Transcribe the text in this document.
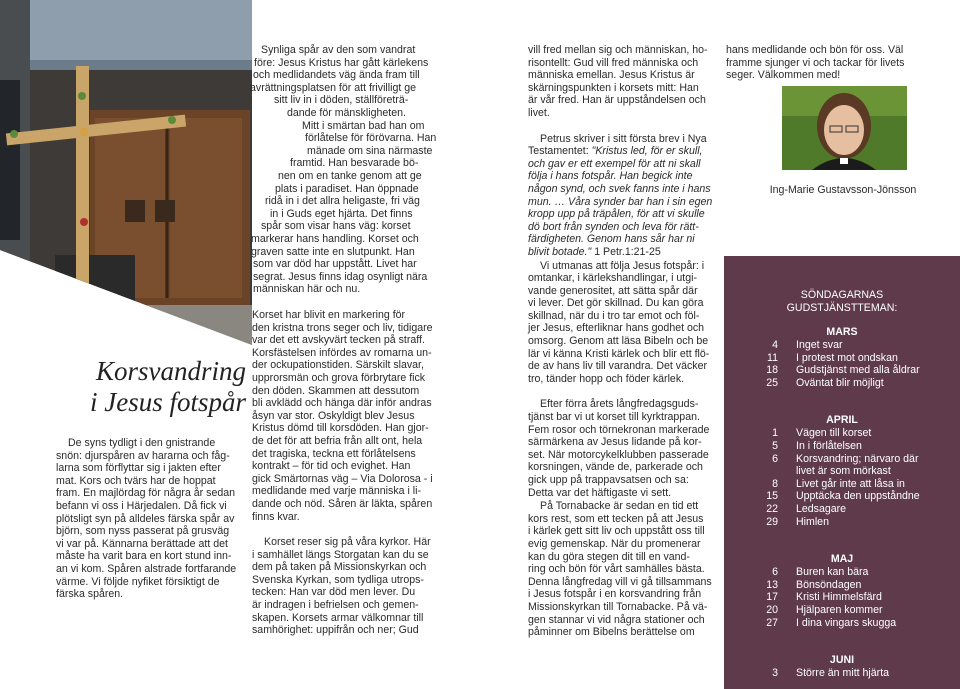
Korsvandring
i Jesus fotspår
De syns tydligt i den gnistrande
snön: djurspåren av hararna och fåg-
larna som förflyttar sig i jakten efter
mat. Kors och tvärs har de hoppat
fram. En majlördag för några år sedan
befann vi oss i Härjedalen. Då fick vi
plötsligt syn på alldeles färska spår av
björn, som nyss passerat på grusväg
vi var på. Kännarna berättade att det
måste ha varit bara en kort stund inn-
an vi kom. Spåren alstrade fortfarande
värme. Vi följde nyfiket försiktigt de
färska spåren.
Synliga spår av den som vandrat
före: Jesus Kristus har gått kärlekens
och medlidandets väg ända fram till
avrättningsplatsen för att frivilligt ge
sitt liv in i döden, ställföreträ-
dande för mänskligheten.
Mitt i smärtan bad han om
förlåtelse för förövarna. Han
mänade om sina närmaste
framtid. Han besvarade bö-
nen om en tanke genom att ge
plats i paradiset. Han öppnade
ridå in i det allra heligaste, fri väg
in i Guds eget hjärta. Det finns
spår som visar hans väg: korset
markerar hans handling. Korset och
graven satte inte en slutpunkt. Han
som var död har uppstått. Livet har
segrat. Jesus finns idag osynligt nära
människan här och nu.

Korset har blivit en markering för
den kristna trons seger och liv, tidigare
var det ett avskyvärt tecken på straff.
Korsfästelsen infördes av romarna un-
der ockupationstiden. Särskilt slavar,
upprorsmän och grova förbrytare fick
den döden. Skammen att dessutom
bli avklädd och hänga där inför andras
åsyn var stor. Oskyldigt blev Jesus
Kristus dömd till korsdöden. Han gjor-
de det för att befria från allt ont, hela
det tragiska, teckna ett förlåtelsens
kontrakt – för tid och evighet. Han
gick Smärtornas väg – Via Dolorosa - i
medlidande med varje människa i li-
dande och nöd. Såren är läkta, spåren
finns kvar.

Korset reser sig på våra kyrkor. Här
i samhället längs Storgatan kan du se
dem på taken på Missionskyrkan och
Svenska Kyrkan, som tydliga utrops-
tecken: Han var död men lever. Du
är indragen i befrielsen och gemen-
skapen. Korsets armar välkomnar till
samhörighet: uppifrån och ner; Gud

vill fred mellan sig och människan, ho-
risontellt: Gud vill fred människa och
människa emellan. Jesus Kristus är
skärningspunkten i korsets mitt: Han
är vår fred. Han är uppståndelsen och
livet.

Petrus skriver i sitt första brev i Nya
Testamentet: "Kristus led, för er skull,

och gav er ett exempel för att ni skall
följa i hans fotspår. Han begick inte
någon synd, och svek fanns inte i hans
mun. … Våra synder bar han i sin egen
kropp upp på träpålen, för att vi skulle
dö bort från synden och leva för rätt-
färdigheten. Genom hans sår har ni
blivit botade." 1 Petr.1:21-25

Vi utmanas att följa Jesus fotspår: i
omtankar, i kärlekshandlingar, i utgi-
vande generositet, att sätta spår där
vi lever. Det gör skillnad. Du kan göra
skillnad, när du i tro tar emot och föl-
jer Jesus, efterliknar hans godhet och
omsorg. Genom att läsa Bibeln och be
lär vi känna Kristi kärlek och blir ett flö-
de av hans liv till varandra. Det väcker
tro, tänder hopp och föder kärlek.

Efter förra årets långfredagsguds-
tjänst bar vi ut korset till kyrktrappan.
Fem rosor och törnekronan markerade
särmärkena av Jesus lidande på kor-
set. När motorcykelklubben passerade
korsningen, vände de, parkerade och
gick upp på trappavsatsen och sa:
Detta var det häftigaste vi sett.

På Tornabacke är sedan en tid ett
kors rest, som ett tecken på att Jesus
i kärlek gett sitt liv och uppstått oss till
evig gemenskap. När du promenerar
kan du göra stegen dit till en vand-
ring och bön för vårt samhälles bästa.
Denna långfredag vill vi gå tillsammans
i Jesus fotspår i en korsvandring från
Missionskyrkan till Tornabacke. På vä-
gen stannar vi vid några stationer och
påminner om Bibelns berättelse om

hans medlidande och bön för oss. Väl
framme sjunger vi och tackar för livets
seger. Välkommen med!
Ing-Marie Gustavsson-Jönsson
SÖNDAGARNAS
GUDSTJÄNSTTEMAN:
MARS
4 Inget svar
11 I protest mot ondskan
18 Gudstjänst med alla åldrar
25 Oväntat blir möjligt
APRIL
1 Vägen till korset
5 In i förlåtelsen
6 Korsvandring; närvaro där
livet är som mörkast
8 Livet går inte att låsa in
15 Upptäcka den uppståndne
22 Ledsagare
29 Himlen
MAJ
6 Buren kan bära
13 Bönsöndagen
17 Kristi Himmelsfärd
20 Hjälparen kommer
27 I dina vingars skugga
JUNI
3 Större än mitt hjärta
